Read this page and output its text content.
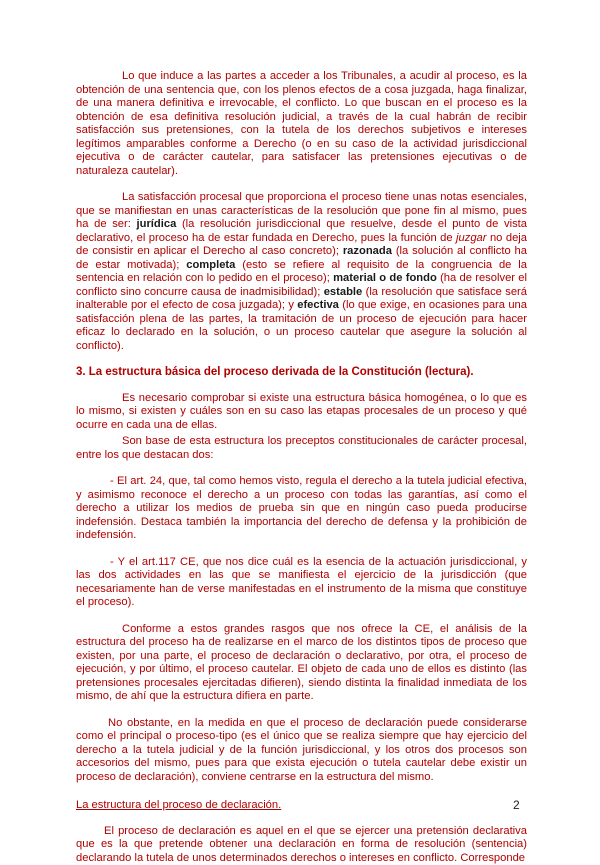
Lo que induce a las partes a acceder a los Tribunales, a acudir al proceso, es la obtención de una sentencia que, con los plenos efectos de a cosa juzgada, haga finalizar, de una manera definitiva e irrevocable, el conflicto. Lo que buscan en el proceso es la obtención de esa definitiva resolución judicial, a través de la cual habrán de recibir satisfacción sus pretensiones, con la tutela de los derechos subjetivos e intereses legítimos amparables conforme a Derecho (o en su caso de la actividad jurisdiccional ejecutiva o de carácter cautelar, para satisfacer las pretensiones ejecutivas o de naturaleza cautelar).

La satisfacción procesal que proporciona el proceso tiene unas notas esenciales, que se manifiestan en unas características de la resolución que pone fin al mismo, pues ha de ser: jurídica (la resolución jurisdiccional que resuelve, desde el punto de vista declarativo, el proceso ha de estar fundada en Derecho, pues la función de juzgar no deja de consistir en aplicar el Derecho al caso concreto); razonada (la solución al conflicto ha de estar motivada); completa (esto se refiere al requisito de la congruencia de la sentencia en relación con lo pedido en el proceso); material o de fondo (ha de resolver el conflicto sino concurre causa de inadmisibilidad); estable (la resolución que satisface será inalterable por el efecto de cosa juzgada); y efectiva (lo que exige, en ocasiones para una satisfacción plena de las partes, la tramitación de un proceso de ejecución para hacer eficaz lo declarado en la solución, o un proceso cautelar que asegure la solución al conflicto).

3. La estructura básica del proceso derivada de la Constitución (lectura).

Es necesario comprobar si existe una estructura básica homogénea, o lo que es lo mismo, si existen y cuáles son en su caso las etapas procesales de un proceso y qué ocurre en cada una de ellas.

Son base de esta estructura los preceptos constitucionales de carácter procesal, entre los que destacan dos:

- El art. 24, que, tal como hemos visto, regula el derecho a la tutela judicial efectiva, y asimismo reconoce el derecho a un proceso con todas las garantías, así como el derecho a utilizar los medios de prueba sin que en ningún caso pueda producirse indefensión. Destaca también la importancia del derecho de defensa y la prohibición de indefensión.

- Y el art.117 CE, que nos dice cuál es la esencia de la actuación jurisdiccional, y las dos actividades en las que se manifiesta el ejercicio de la jurisdicción (que necesariamente han de verse manifestadas en el instrumento de la misma que constituye el proceso).

Conforme a estos grandes rasgos que nos ofrece la CE, el análisis de la estructura del proceso ha de realizarse en el marco de los distintos tipos de proceso que existen, por una parte, el proceso de declaración o declarativo, por otra, el proceso de ejecución, y por último, el proceso cautelar. El objeto de cada uno de ellos es distinto (las pretensiones procesales ejercitadas difieren), siendo distinta la finalidad inmediata de los mismo, de ahí que la estructura difiera en parte.

No obstante, en la medida en que el proceso de declaración puede considerarse como el principal o proceso-tipo (es el único que se realiza siempre que hay ejercicio del derecho a la tutela judicial y de la función jurisdiccional, y los otros dos procesos son accesorios del mismo, pues para que exista ejecución o tutela cautelar debe existir un proceso de declaración), conviene centrarse en la estructura del mismo.

La estructura del proceso de declaración.

El proceso de declaración es aquel en el que se ejercer una pretensión declarativa que es la que pretende obtener una declaración en forma de resolución (sentencia) declarando la tutela de unos determinados derechos o intereses en conflicto. Corresponde

2
